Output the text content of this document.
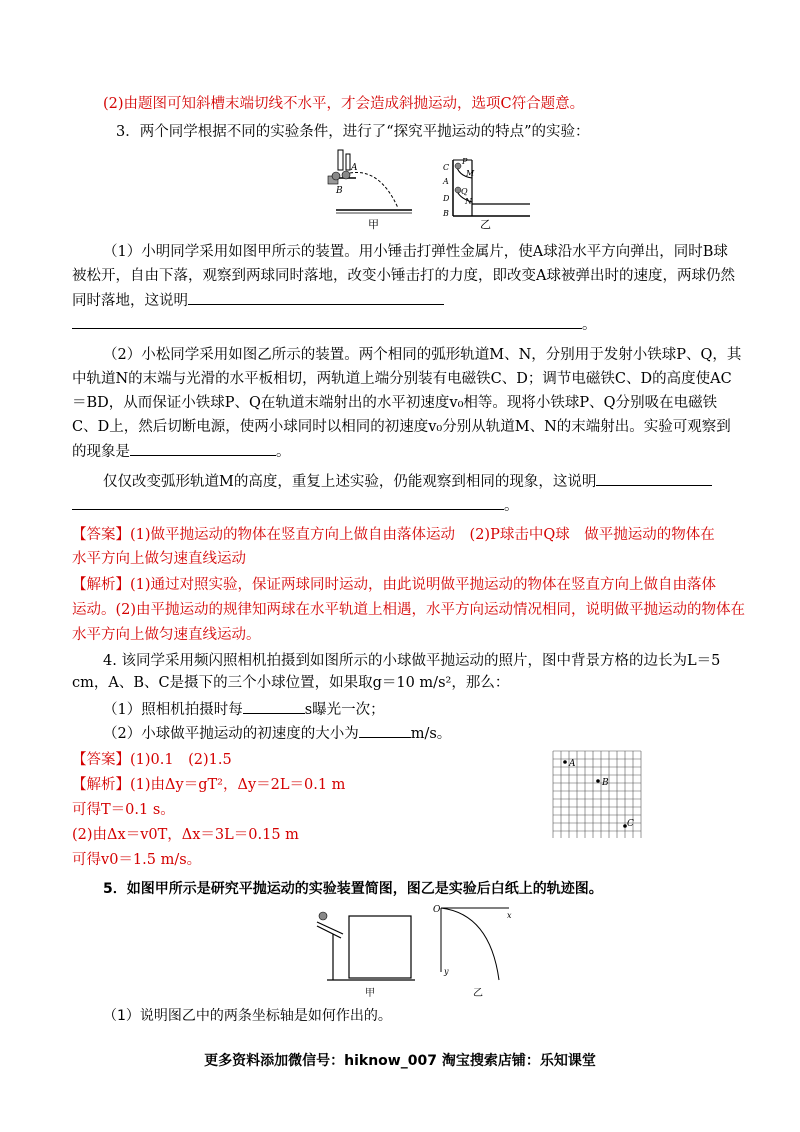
(2)由题图可知斜槽末端切线不水平，才会造成斜抛运动，选项C符合题意。
3．两个同学根据不同的实验条件，进行了“探究平抛运动的特点”的实验：
A
B
甲
C
P
M
A
Q
D N
B
乙
（1）小明同学采用如图甲所示的装置。用小锤击打弹性金属片，使A球沿水平方向弹出，同时B球
被松开，自由下落，观察到两球同时落地，改变小锤击打的力度，即改变A球被弹出时的速度，两球仍然
同时落地，这说明
。
（2）小松同学采用如图乙所示的装置。两个相同的弧形轨道M、N，分别用于发射小铁球P、Q，其
中轨道N的末端与光滑的水平板相切，两轨道上端分别装有电磁铁C、D；调节电磁铁C、D的高度使AC
＝BD，从而保证小铁球P、Q在轨道末端射出的水平初速度v₀相等。现将小铁球P、Q分别吸在电磁铁
C、D上，然后切断电源，使两小球同时以相同的初速度v₀分别从轨道M、N的末端射出。实验可观察到
的现象是	。
仅仅改变弧形轨道M的高度，重复上述实验，仍能观察到相同的现象，这说明
。
【答案】(1)做平抛运动的物体在竖直方向上做自由落体运动　(2)P球击中Q球　做平抛运动的物体在
水平方向上做匀速直线运动
【解析】(1)通过对照实验，保证两球同时运动，由此说明做平抛运动的物体在竖直方向上做自由落体
运动。(2)由平抛运动的规律知两球在水平轨道上相遇，水平方向运动情况相同，说明做平抛运动的物体在
水平方向上做匀速直线运动。
4. 该同学采用频闪照相机拍摄到如图所示的小球做平抛运动的照片，图中背景方格的边长为L＝5
cm，A、B、C是摄下的三个小球位置，如果取g＝10 m/s²，那么：
（1）照相机拍摄时每	s曝光一次；
（2）小球做平抛运动的初速度的大小为	m/s。
【答案】(1)0.1　(2)1.5
【解析】(1)由Δy＝gT²，Δy＝2L＝0.1 m
可得T＝0.1 s。
(2)由Δx＝v0T，Δx＝3L＝0.15 m
可得v0＝1.5 m/s。
A
B
C
5．如图甲所示是研究平抛运动的实验装置简图，图乙是实验后白纸上的轨迹图。
甲
O
x
y
乙
（1）说明图乙中的两条坐标轴是如何作出的。
更多资料添加微信号：hiknow_007 淘宝搜索店铺：乐知课堂
